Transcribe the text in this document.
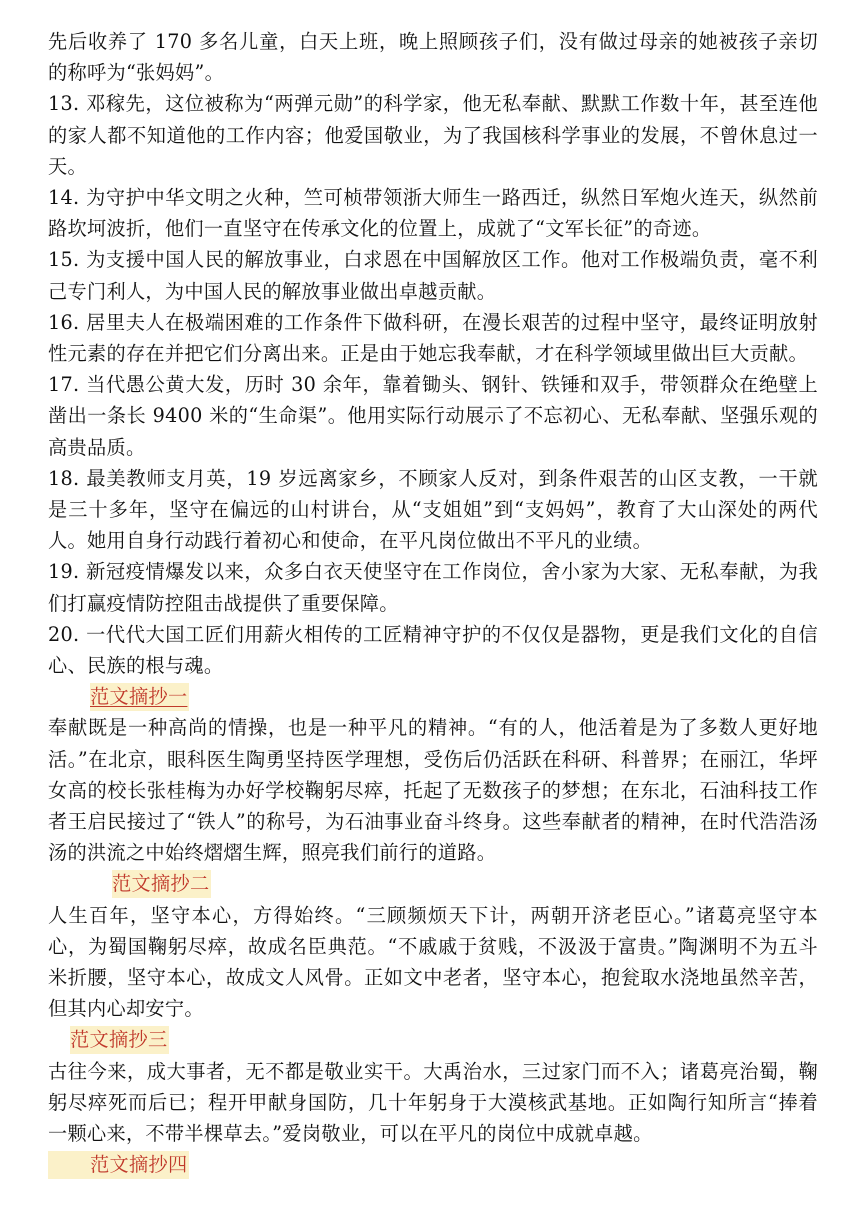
先后收养了 170 多名儿童，白天上班，晚上照顾孩子们，没有做过母亲的她被孩子亲切的称呼为“张妈妈”。

13. 邓稼先，这位被称为“两弹元勋”的科学家，他无私奉献、默默工作数十年，甚至连他的家人都不知道他的工作内容；他爱国敬业，为了我国核科学事业的发展，不曾休息过一天。

14. 为守护中华文明之火种，竺可桢带领浙大师生一路西迁，纵然日军炮火连天，纵然前路坎坷波折，他们一直坚守在传承文化的位置上，成就了“文军长征”的奇迹。

15. 为支援中国人民的解放事业，白求恩在中国解放区工作。他对工作极端负责，毫不利己专门利人，为中国人民的解放事业做出卓越贡献。

16. 居里夫人在极端困难的工作条件下做科研，在漫长艰苦的过程中坚守，最终证明放射性元素的存在并把它们分离出来。正是由于她忘我奉献，才在科学领域里做出巨大贡献。

17. 当代愚公黄大发，历时 30 余年，靠着锄头、钢针、铁锤和双手，带领群众在绝壁上凿出一条长 9400 米的“生命渠”。他用实际行动展示了不忘初心、无私奉献、坚强乐观的高贵品质。

18. 最美教师支月英，19 岁远离家乡，不顾家人反对，到条件艰苦的山区支教，一干就是三十多年，坚守在偏远的山村讲台，从“支姐姐”到“支妈妈”，教育了大山深处的两代人。她用自身行动践行着初心和使命，在平凡岗位做出不平凡的业绩。

19. 新冠疫情爆发以来，众多白衣天使坚守在工作岗位，舍小家为大家、无私奉献，为我们打赢疫情防控阻击战提供了重要保障。

20. 一代代大国工匠们用薪火相传的工匠精神守护的不仅仅是器物，更是我们文化的自信心、民族的根与魂。

范文摘抄一

奉献既是一种高尚的情操，也是一种平凡的精神。“有的人，他活着是为了多数人更好地活。”在北京，眼科医生陶勇坚持医学理想，受伤后仍活跃在科研、科普界；在丽江，华坪女高的校长张桂梅为办好学校鞠躬尽瘁，托起了无数孩子的梦想；在东北，石油科技工作者王启民接过了“铁人”的称号，为石油事业奋斗终身。这些奉献者的精神，在时代浩浩汤汤的洪流之中始终熠熠生辉，照亮我们前行的道路。

范文摘抄二

人生百年，坚守本心，方得始终。“三顾频烦天下计，两朝开济老臣心。”诸葛亮坚守本心，为蜀国鞠躬尽瘁，故成名臣典范。“不戚戚于贫贱，不汲汲于富贵。”陶渊明不为五斗米折腰，坚守本心，故成文人风骨。正如文中老者，坚守本心，抱瓮取水浇地虽然辛苦，但其内心却安宁。

范文摘抄三

古往今来，成大事者，无不都是敬业实干。大禹治水，三过家门而不入；诸葛亮治蜀，鞠躬尽瘁死而后已；程开甲献身国防，几十年躬身于大漠核武基地。正如陶行知所言“捧着一颗心来，不带半棵草去。”爱岗敬业，可以在平凡的岗位中成就卓越。

范文摘抄四
